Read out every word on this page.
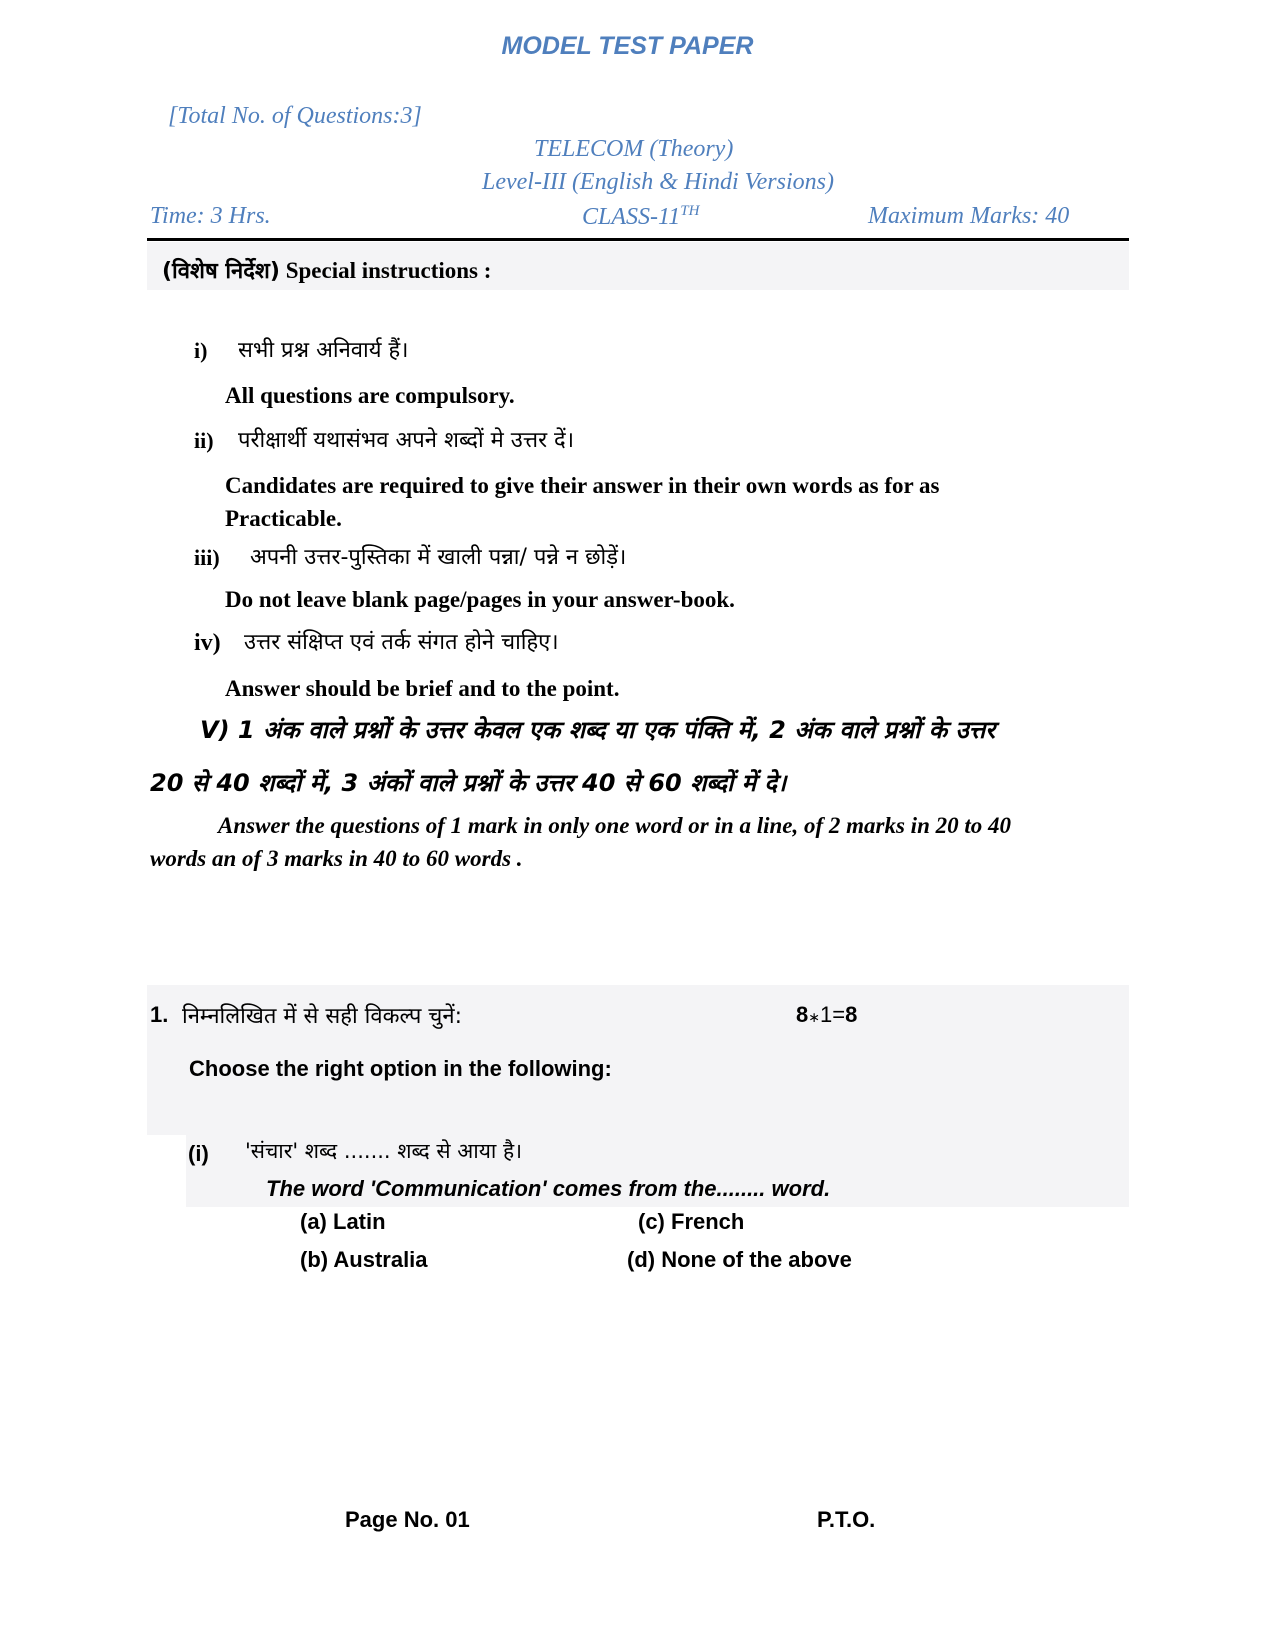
MODEL TEST PAPER
[Total No. of Questions:3]
TELECOM (Theory)
Level-III (English & Hindi Versions)
Time: 3 Hrs.	CLASS-11TH	Maximum Marks: 40
(विशेष निर्देश) Special instructions :
i) सभी प्रश्न अनिवार्य हैं।
All questions are compulsory.
ii) परीक्षार्थी यथासंभव अपने शब्दों मे उत्तर दें।
Candidates are required to give their answer in their own words as for as
Practicable.
iii) अपनी उत्तर-पुस्तिका में खाली पन्ना/ पन्ने न छोड़ें।
Do not leave blank page/pages in your answer-book.
iv) उत्तर संक्षिप्त एवं तर्क संगत होने चाहिए।
Answer should be brief and to the point.
V) 1 अंक वाले प्रश्नों के उत्तर केवल एक शब्द या एक पंक्ति में, 2 अंक वाले प्रश्नों के उत्तर
20 से 40 शब्दों में, 3 अंकों वाले प्रश्नों के उत्तर 40 से 60 शब्दों में दे।
Answer the questions of 1 mark in only one word or in a line, of 2 marks in 20 to 40
words an of 3 marks in 40 to 60 words .
1. निम्नलिखित में से सही विकल्प चुनें:	8∗1=8
Choose the right option in the following:
(i) 'संचार' शब्द ....... शब्द से आया है।
The word 'Communication' comes from the........ word.
(a) Latin	(c) French
(b) Australia	(d) None of the above
Page No. 01	P.T.O.
